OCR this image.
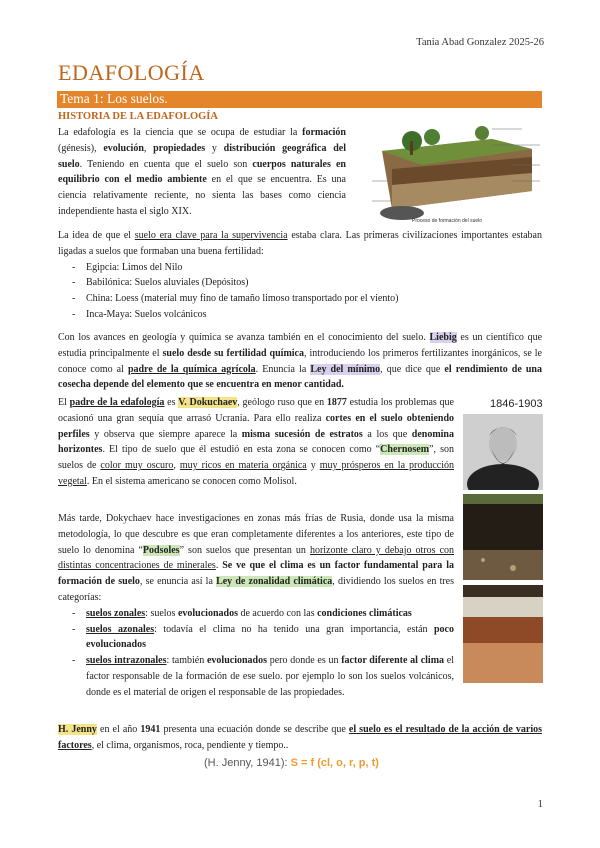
Tania Abad Gonzalez 2025-26
EDAFOLOGÍA
Tema 1: Los suelos.
HISTORIA DE LA EDAFOLOGÍA
Proceso de formación del suelo
La edafología es la ciencia que se ocupa de estudiar la formación (génesis), evolución, propiedades y distribución geográfica del suelo. Teniendo en cuenta que el suelo son cuerpos naturales en equilibrio con el medio ambiente en el que se encuentra. Es una ciencia relativamente reciente, no sienta las bases como ciencia independiente hasta el siglo XIX.
La idea de que el suelo era clave para la supervivencia estaba clara. Las primeras civilizaciones importantes estaban ligadas a suelos que formaban una buena fertilidad:
- Egipcia: Limos del Nilo
- Babilónica: Suelos aluviales (Depósitos)
- China: Loess (material muy fino de tamaño limoso transportado por el viento)
- Inca-Maya: Suelos volcánicos
Con los avances en geología y química se avanza también en el conocimiento del suelo. Liebig es un científico que estudia principalmente el suelo desde su fertilidad química, introduciendo los primeros fertilizantes inorgánicos, se le conoce como al padre de la química agrícola. Enuncia la Ley del mínimo, que dice que el rendimiento de una cosecha depende del elemento que se encuentra en menor cantidad.
1846-1903
El padre de la edafología es V. Dokuchaev, geólogo ruso que en 1877 estudia los problemas que ocasionó una gran sequía que arrasó Ucrania. Para ello realiza cortes en el suelo obteniendo perfiles y observa que siempre aparece la misma sucesión de estratos a los que denomina horizontes. El tipo de suelo que él estudió en esta zona se conocen como “Chernosem”, son suelos de color muy oscuro, muy ricos en materia orgánica y muy prósperos en la producción vegetal. En el sistema americano se conocen como Molisol.
Más tarde, Dokychaev hace investigaciones en zonas más frías de Rusia, donde usa la misma metodología, lo que descubre es que eran completamente diferentes a los anteriores, este tipo de suelo lo denomina “Podsoles” son suelos que presentan un horizonte claro y debajo otros con distintas concentraciones de minerales. Se ve que el clima es un factor fundamental para la formación de suelo, se enuncia así la Ley de zonalidad climática, dividiendo los suelos en tres categorías:
- suelos zonales: suelos evolucionados de acuerdo con las condiciones climáticas
- suelos azonales: todavía el clima no ha tenido una gran importancia, están poco evolucionados
- suelos intrazonales: también evolucionados pero donde es un factor diferente al clima el factor responsable de la formación de ese suelo. por ejemplo lo son los suelos volcánicos, donde es el material de origen el responsable de las propiedades.
H. Jenny en el año 1941 presenta una ecuación donde se describe que el suelo es el resultado de la acción de varios factores, el clima, organismos, roca, pendiente y tiempo..
(H. Jenny, 1941): S = f (cl, o, r, p, t)
1
